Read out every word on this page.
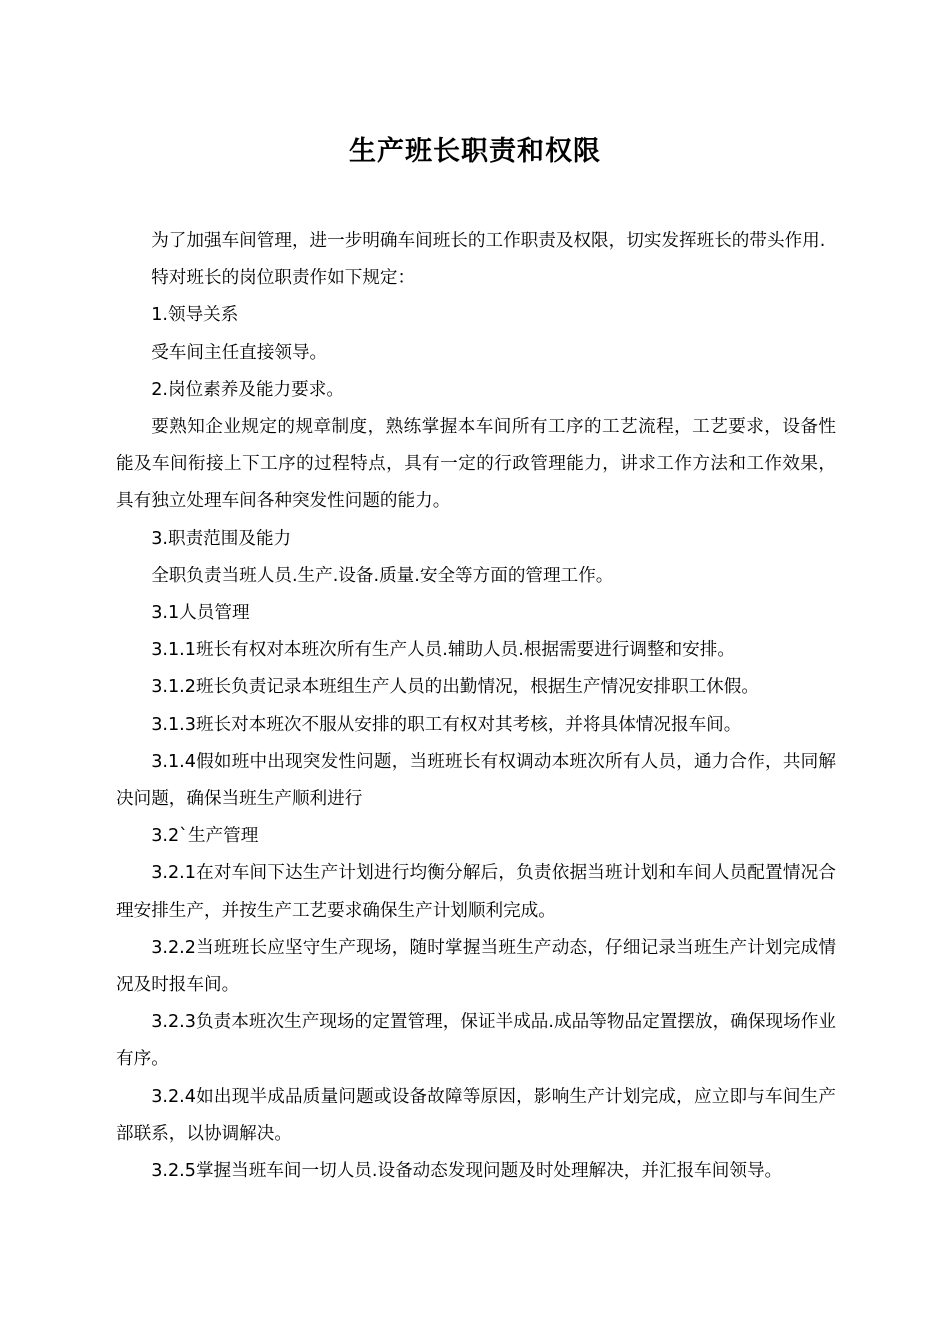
生产班长职责和权限

为了加强车间管理，进一步明确车间班长的工作职责及权限，切实发挥班长的带头作用.

特对班长的岗位职责作如下规定：

1.领导关系

受车间主任直接领导。

2.岗位素养及能力要求。

要熟知企业规定的规章制度，熟练掌握本车间所有工序的工艺流程，工艺要求，设备性能及车间衔接上下工序的过程特点，具有一定的行政管理能力，讲求工作方法和工作效果，具有独立处理车间各种突发性问题的能力。

3.职责范围及能力

全职负责当班人员.生产.设备.质量.安全等方面的管理工作。

3.1人员管理

3.1.1班长有权对本班次所有生产人员.辅助人员.根据需要进行调整和安排。

3.1.2班长负责记录本班组生产人员的出勤情况，根据生产情况安排职工休假。

3.1.3班长对本班次不服从安排的职工有权对其考核，并将具体情况报车间。

3.1.4假如班中出现突发性问题，当班班长有权调动本班次所有人员，通力合作，共同解决问题，确保当班生产顺利进行

3.2`生产管理

3.2.1在对车间下达生产计划进行均衡分解后，负责依据当班计划和车间人员配置情况合理安排生产，并按生产工艺要求确保生产计划顺利完成。

3.2.2当班班长应坚守生产现场，随时掌握当班生产动态，仔细记录当班生产计划完成情况及时报车间。

3.2.3负责本班次生产现场的定置管理，保证半成品.成品等物品定置摆放，确保现场作业有序。

3.2.4如出现半成品质量问题或设备故障等原因，影响生产计划完成，应立即与车间生产部联系，以协调解决。

3.2.5掌握当班车间一切人员.设备动态发现问题及时处理解决，并汇报车间领导。
